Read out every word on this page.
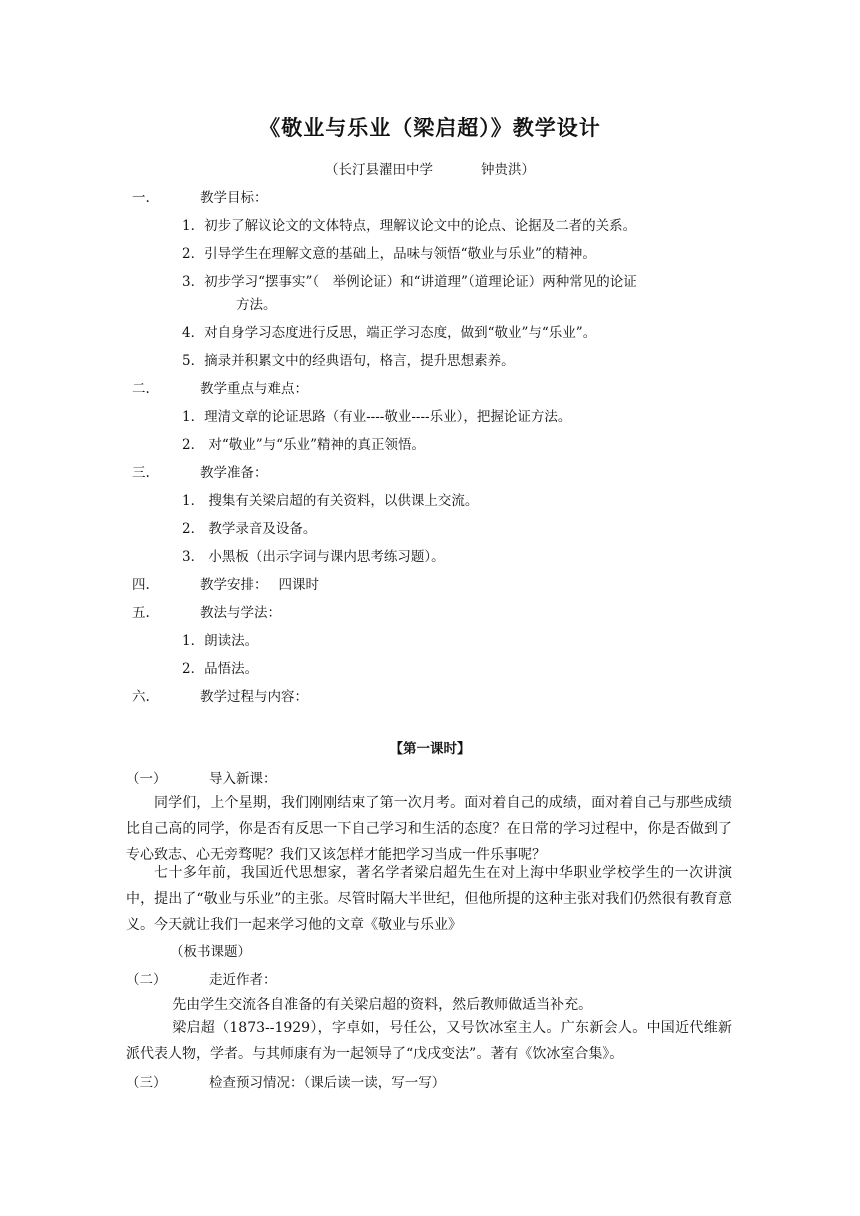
《敬业与乐业（梁启超）》教学设计
（长汀县濯田中学	钟贵洪）
一.	教学目标：
1．初步了解议论文的文体特点，理解议论文中的论点、论据及二者的关系。
2．引导学生在理解文意的基础上，品味与领悟“敬业与乐业”的精神。
3．初步学习“摆事实”（　举例论证）和“讲道理”（道理论证）两种常见的论证
方法。
4．对自身学习态度进行反思，端正学习态度，做到“敬业”与“乐业”。
5．摘录并积累文中的经典语句，格言，提升思想素养。
二.	教学重点与难点：
1．理清文章的论证思路（有业----敬业----乐业），把握论证方法。
2． 对“敬业”与“乐业”精神的真正领悟。
三.	教学准备：
1． 搜集有关梁启超的有关资料，以供课上交流。
2． 教学录音及设备。
3． 小黑板（出示字词与课内思考练习题）。
四.	教学安排：　 四课时
五.	教法与学法：
1．朗读法。
2．品悟法。
六.	教学过程与内容：
【第一课时】
（一）	导入新课：
同学们，上个星期，我们刚刚结束了第一次月考。面对着自己的成绩，面对着自己与那些成绩比自己高的同学，你是否有反思一下自己学习和生活的态度？在日常的学习过程中，你是否做到了专心致志、心无旁骛呢？我们又该怎样才能把学习当成一件乐事呢？
七十多年前，我国近代思想家，著名学者梁启超先生在对上海中华职业学校学生的一次讲演中，提出了“敬业与乐业”的主张。尽管时隔大半世纪，但他所提的这种主张对我们仍然很有教育意义。今天就让我们一起来学习他的文章《敬业与乐业》
（板书课题）
（二）	走近作者：
先由学生交流各自准备的有关梁启超的资料，然后教师做适当补充。
梁启超（1873--1929），字卓如，号任公，又号饮冰室主人。广东新会人。中国近代维新派代表人物，学者。与其师康有为一起领导了“戊戌变法”。著有《饮冰室合集》。
（三）	检查预习情况：（课后读一读，写一写）
